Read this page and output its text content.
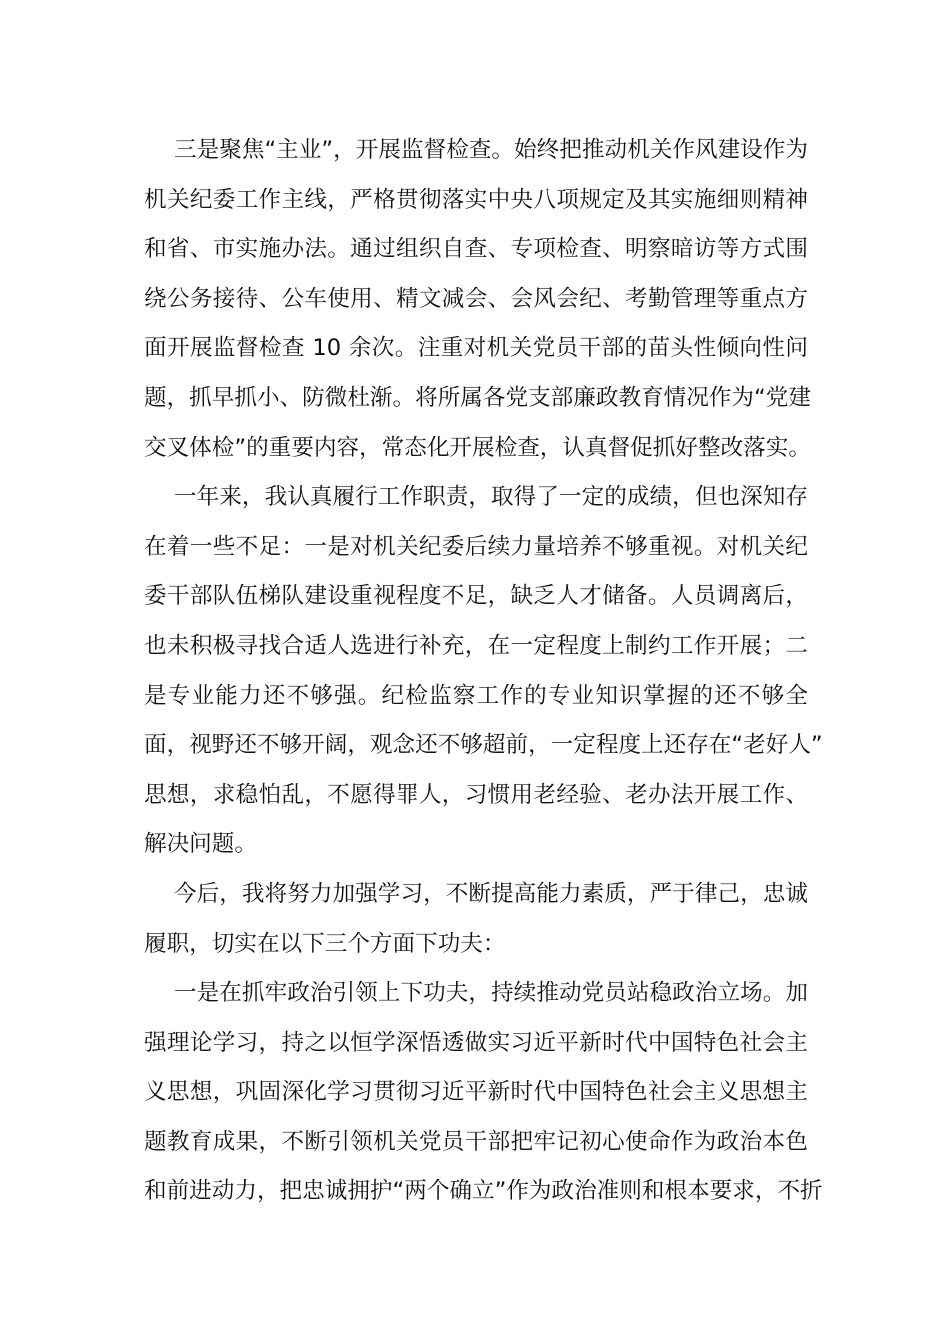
三是聚焦“主业”，开展监督检查。始终把推动机关作风建设作为
机关纪委工作主线，严格贯彻落实中央八项规定及其实施细则精神
和省、市实施办法。通过组织自查、专项检查、明察暗访等方式围
绕公务接待、公车使用、精文减会、会风会纪、考勤管理等重点方
面开展监督检查 10 余次。注重对机关党员干部的苗头性倾向性问
题，抓早抓小、防微杜渐。将所属各党支部廉政教育情况作为“党建
交叉体检”的重要内容，常态化开展检查，认真督促抓好整改落实。
一年来，我认真履行工作职责，取得了一定的成绩，但也深知存
在着一些不足：一是对机关纪委后续力量培养不够重视。对机关纪
委干部队伍梯队建设重视程度不足，缺乏人才储备。人员调离后，
也未积极寻找合适人选进行补充，在一定程度上制约工作开展；二
是专业能力还不够强。纪检监察工作的专业知识掌握的还不够全
面，视野还不够开阔，观念还不够超前，一定程度上还存在“老好人”
思想，求稳怕乱，不愿得罪人，习惯用老经验、老办法开展工作、
解决问题。
今后，我将努力加强学习，不断提高能力素质，严于律己，忠诚
履职，切实在以下三个方面下功夫：
一是在抓牢政治引领上下功夫，持续推动党员站稳政治立场。加
强理论学习，持之以恒学深悟透做实习近平新时代中国特色社会主
义思想，巩固深化学习贯彻习近平新时代中国特色社会主义思想主
题教育成果，不断引领机关党员干部把牢记初心使命作为政治本色
和前进动力，把忠诚拥护“两个确立”作为政治准则和根本要求，不折
